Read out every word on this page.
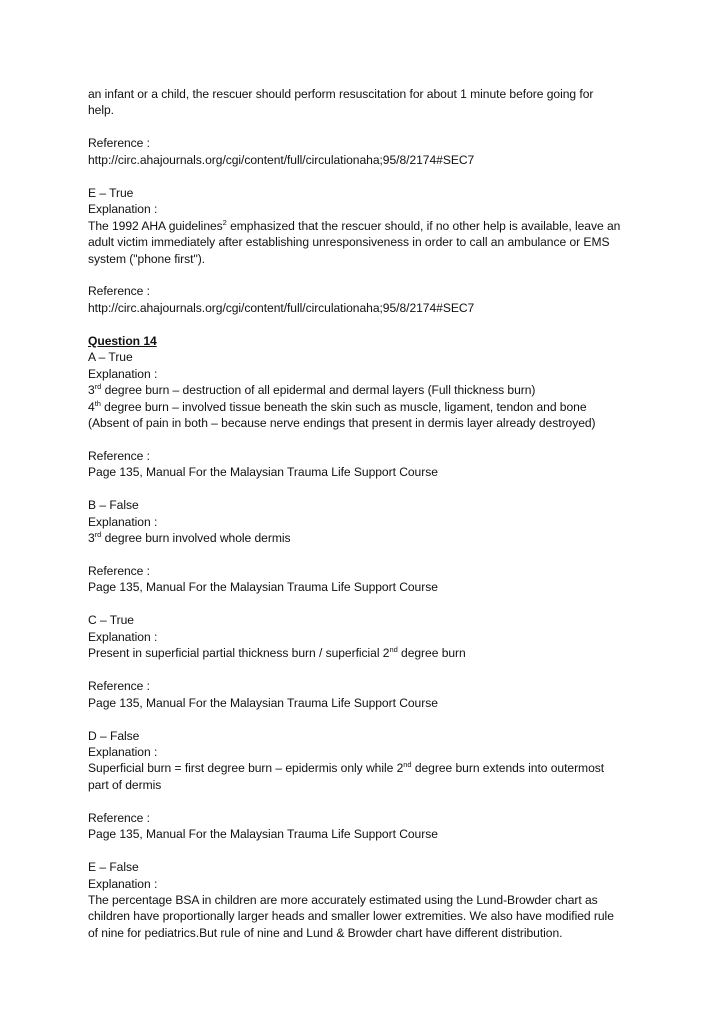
an infant or a child, the rescuer should perform resuscitation for about 1 minute before going for
help.
Reference :
http://circ.ahajournals.org/cgi/content/full/circulationaha;95/8/2174#SEC7
E – True
Explanation :
The 1992 AHA guidelines$^2$ emphasized that the rescuer should, if no other help is available, leave an
adult victim immediately after establishing unresponsiveness in order to call an ambulance or EMS
system ("phone first").
Reference :
http://circ.ahajournals.org/cgi/content/full/circulationaha;95/8/2174#SEC7
Question 14
A – True
Explanation :
3rd degree burn – destruction of all epidermal and dermal layers (Full thickness burn)
4th degree burn – involved tissue beneath the skin such as muscle, ligament, tendon and bone
(Absent of pain in both – because nerve endings that present in dermis layer already destroyed)
Reference :
Page 135, Manual For the Malaysian Trauma Life Support Course
B – False
Explanation :
3rd degree burn involved whole dermis
Reference :
Page 135, Manual For the Malaysian Trauma Life Support Course
C – True
Explanation :
Present in superficial partial thickness burn / superficial 2nd degree burn
Reference :
Page 135, Manual For the Malaysian Trauma Life Support Course
D – False
Explanation :
Superficial burn = first degree burn – epidermis only while 2nd degree burn extends into outermost
part of dermis
Reference :
Page 135, Manual For the Malaysian Trauma Life Support Course
E – False
Explanation :
The percentage BSA in children are more accurately estimated using the Lund-Browder chart as
children have proportionally larger heads and smaller lower extremities. We also have modified rule
of nine for pediatrics.But rule of nine and Lund & Browder chart have different distribution.
